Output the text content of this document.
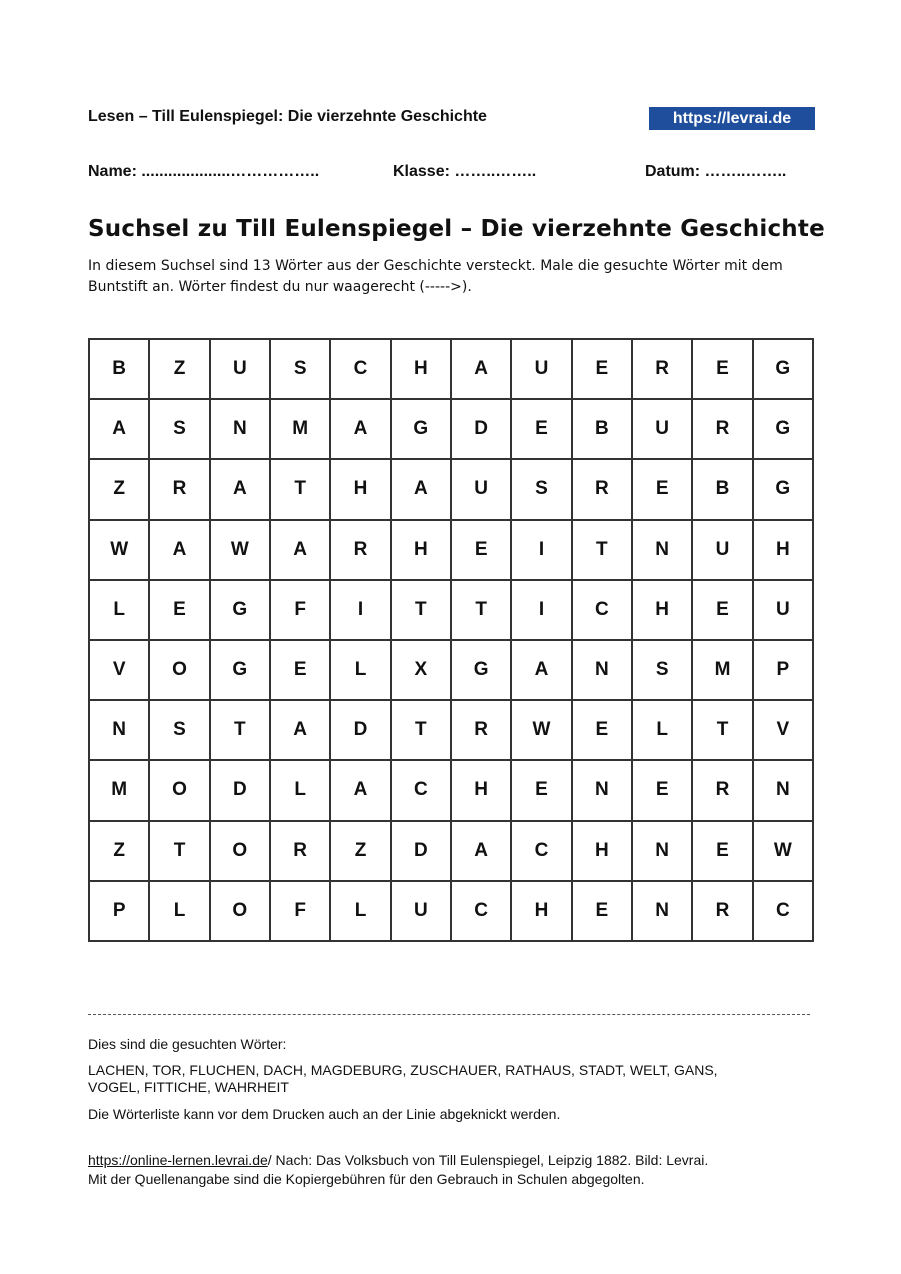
Lesen – Till Eulenspiegel: Die vierzehnte Geschichte	https://levrai.de
Name: ....................……………..	Klasse: ……..……..	Datum: ……..……..
Suchsel zu Till Eulenspiegel – Die vierzehnte Geschichte
In diesem Suchsel sind 13 Wörter aus der Geschichte versteckt. Male die gesuchte Wörter mit dem Buntstift an. Wörter findest du nur waagerecht (----->).
B	Z	U	S	C	H	A	U	E	R	E	G
A	S	N	M	A	G	D	E	B	U	R	G
Z	R	A	T	H	A	U	S	R	E	B	G
W	A	W	A	R	H	E	I	T	N	U	H
L	E	G	F	I	T	T	I	C	H	E	U
V	O	G	E	L	X	G	A	N	S	M	P
N	S	T	A	D	T	R	W	E	L	T	V
M	O	D	L	A	C	H	E	N	E	R	N
Z	T	O	R	Z	D	A	C	H	N	E	W
P	L	O	F	L	U	C	H	E	N	R	C
Dies sind die gesuchten Wörter:
LACHEN, TOR, FLUCHEN, DACH, MAGDEBURG, ZUSCHAUER, RATHAUS, STADT, WELT, GANS,
VOGEL, FITTICHE, WAHRHEIT
Die Wörterliste kann vor dem Drucken auch an der Linie abgeknickt werden.
https://online-lernen.levrai.de/ Nach: Das Volksbuch von Till Eulenspiegel, Leipzig 1882. Bild: Levrai.
Mit der Quellenangabe sind die Kopiergebühren für den Gebrauch in Schulen abgegolten.
